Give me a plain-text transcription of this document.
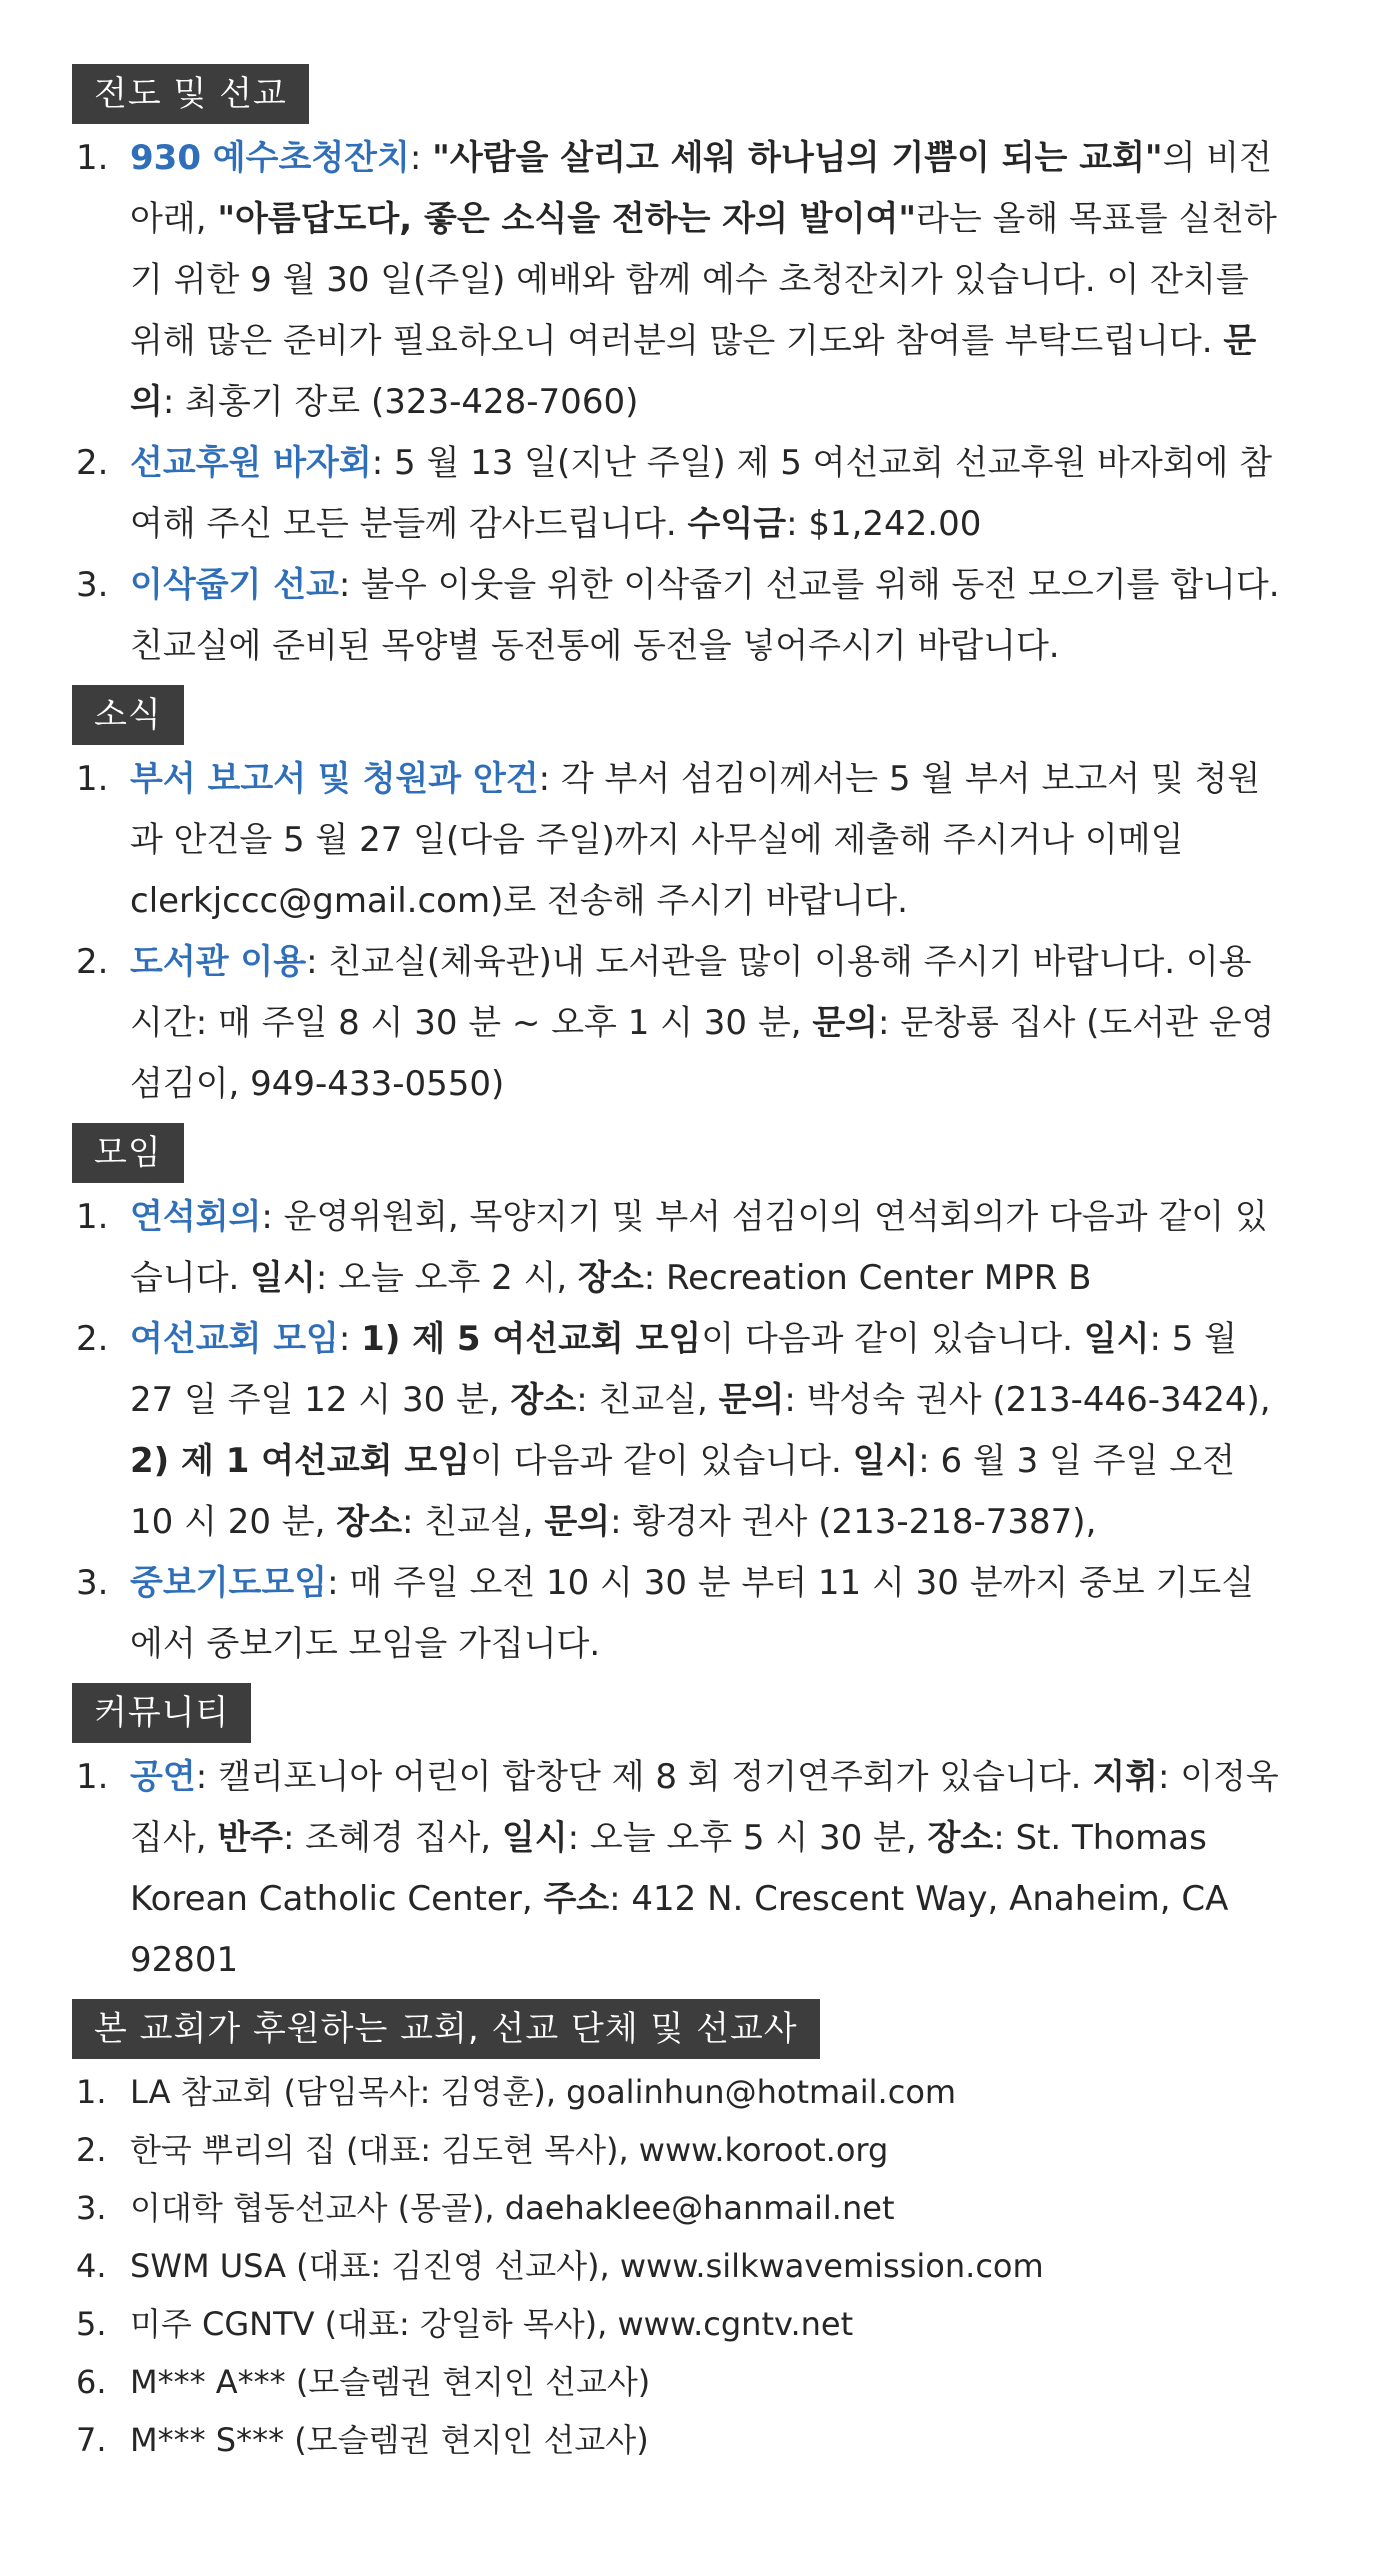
전도 및 선교
1. 930 예수초청잔치: "사람을 살리고 세워 하나님의 기쁨이 되는 교회"의 비전 아래, "아름답도다, 좋은 소식을 전하는 자의 발이여"라는 올해 목표를 실천하기 위한 9 월 30 일(주일) 예배와 함께 예수 초청잔치가 있습니다. 이 잔치를 위해 많은 준비가 필요하오니 여러분의 많은 기도와 참여를 부탁드립니다. 문의: 최홍기 장로 (323-428-7060)
2. 선교후원 바자회: 5 월 13 일(지난 주일) 제 5 여선교회 선교후원 바자회에 참여해 주신 모든 분들께 감사드립니다. 수익금: $1,242.00
3. 이삭줍기 선교: 불우 이웃을 위한 이삭줍기 선교를 위해 동전 모으기를 합니다. 친교실에 준비된 목양별 동전통에 동전을 넣어주시기 바랍니다.
소식
1. 부서 보고서 및 청원과 안건: 각 부서 섬김이께서는 5 월 부서 보고서 및 청원과 안건을 5 월 27 일(다음 주일)까지 사무실에 제출해 주시거나 이메일 clerkjccc@gmail.com)로 전송해 주시기 바랍니다.
2. 도서관 이용: 친교실(체육관)내 도서관을 많이 이용해 주시기 바랍니다. 이용시간: 매 주일 8 시 30 분 ~ 오후 1 시 30 분, 문의: 문창룡 집사 (도서관 운영 섬김이, 949-433-0550)
모임
1. 연석회의: 운영위원회, 목양지기 및 부서 섬김이의 연석회의가 다음과 같이 있습니다. 일시: 오늘 오후 2 시, 장소: Recreation Center MPR B
2. 여선교회 모임: 1) 제 5 여선교회 모임이 다음과 같이 있습니다. 일시: 5 월 27 일 주일 12 시 30 분, 장소: 친교실, 문의: 박성숙 권사 (213-446-3424), 2) 제 1 여선교회 모임이 다음과 같이 있습니다. 일시: 6 월 3 일 주일 오전 10 시 20 분, 장소: 친교실, 문의: 황경자 권사 (213-218-7387),
3. 중보기도모임: 매 주일 오전 10 시 30 분 부터 11 시 30 분까지 중보 기도실에서 중보기도 모임을 가집니다.
커뮤니티
1. 공연: 캘리포니아 어린이 합창단 제 8 회 정기연주회가 있습니다. 지휘: 이정욱 집사, 반주: 조혜경 집사, 일시: 오늘 오후 5 시 30 분, 장소: St. Thomas Korean Catholic Center, 주소: 412 N. Crescent Way, Anaheim, CA 92801
본 교회가 후원하는 교회, 선교 단체 및 선교사
1. LA 참교회 (담임목사: 김영훈), goalinhun@hotmail.com
2. 한국 뿌리의 집 (대표: 김도현 목사), www.koroot.org
3. 이대학 협동선교사 (몽골), daehaklee@hanmail.net
4. SWM USA (대표: 김진영 선교사), www.silkwavemission.com
5. 미주 CGNTV (대표: 강일하 목사), www.cgntv.net
6. M*** A*** (모슬렘권 현지인 선교사)
7. M*** S*** (모슬렘권 현지인 선교사)
